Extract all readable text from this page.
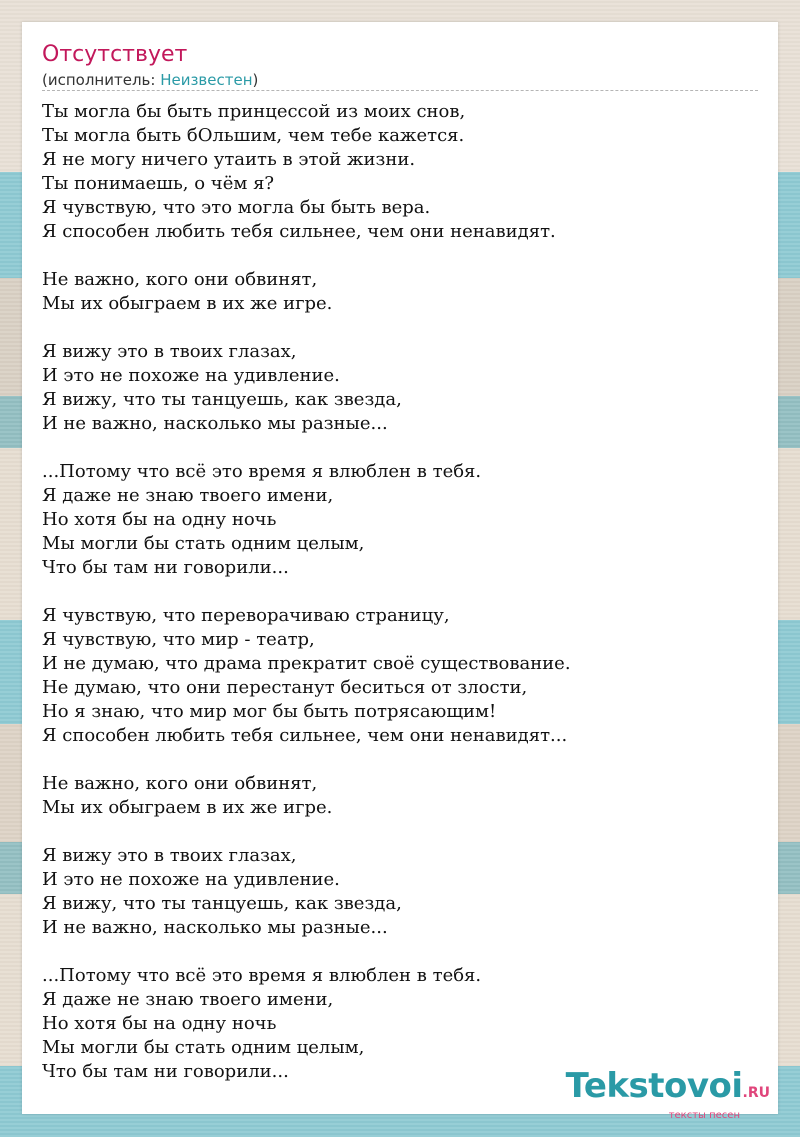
Отсутствует
(исполнитель: Неизвестен)
Ты могла бы быть принцессой из моих снов,
Ты могла быть бОльшим, чем тебе кажется.
Я не могу ничего утаить в этой жизни.
Ты понимаешь, о чём я?
Я чувствую, что это могла бы быть вера.
Я способен любить тебя сильнее, чем они ненавидят.
Не важно, кого они обвинят,
Мы их обыграем в их же игре.
Я вижу это в твоих глазах,
И это не похоже на удивление.
Я вижу, что ты танцуешь, как звезда,
И не важно, насколько мы разные...
...Потому что всё это время я влюблен в тебя.
Я даже не знаю твоего имени,
Но хотя бы на одну ночь
Мы могли бы стать одним целым,
Что бы там ни говорили...
Я чувствую, что переворачиваю страницу,
Я чувствую, что мир - театр,
И не думаю, что драма прекратит своё существование.
Не думаю, что они перестанут беситься от злости,
Но я знаю, что мир мог бы быть потрясающим!
Я способен любить тебя сильнее, чем они ненавидят...
Не важно, кого они обвинят,
Мы их обыграем в их же игре.
Я вижу это в твоих глазах,
И это не похоже на удивление.
Я вижу, что ты танцуешь, как звезда,
И не важно, насколько мы разные...
...Потому что всё это время я влюблен в тебя.
Я даже не знаю твоего имени,
Но хотя бы на одну ночь
Мы могли бы стать одним целым,
Что бы там ни говорили...	Tekstovoi.RU
тексты песен
